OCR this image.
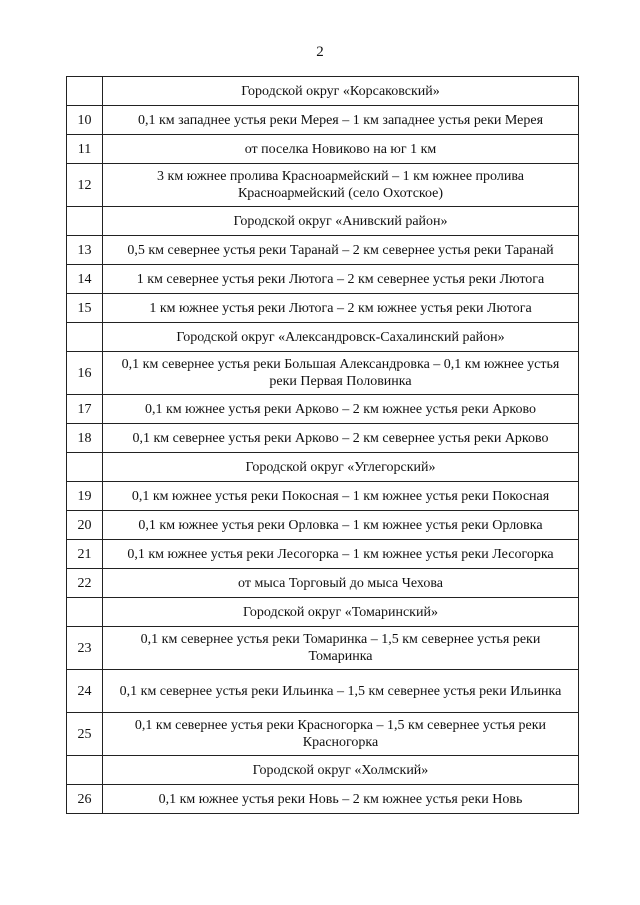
2
	Городской округ «Корсаковский»
10	0,1 км западнее устья реки Мерея – 1 км западнее устья реки Мерея
11	от поселка Новиково на юг 1 км
12	3 км южнее пролива Красноармейский – 1 км южнее пролива Красноармейский (село Охотское)
	Городской округ «Анивский район»
13	0,5 км севернее устья реки Таранай – 2 км севернее устья реки Таранай
14	1 км севернее устья реки Лютога – 2 км севернее устья реки Лютога
15	1 км южнее устья реки Лютога – 2 км южнее устья реки Лютога
	Городской округ «Александровск-Сахалинский район»
16	0,1 км севернее устья реки Большая Александровка – 0,1 км южнее устья реки Первая Половинка
17	0,1 км южнее устья реки Арково – 2 км южнее устья реки Арково
18	0,1 км севернее устья реки Арково – 2 км севернее устья реки Арково
	Городской округ «Углегорский»
19	0,1 км южнее устья реки Покосная – 1 км южнее устья реки Покосная
20	0,1 км южнее устья реки Орловка – 1 км южнее устья реки Орловка
21	0,1 км южнее устья реки Лесогорка – 1 км южнее устья реки Лесогорка
22	от мыса Торговый до мыса Чехова
	Городской округ «Томаринский»
23	0,1 км севернее устья реки Томаринка – 1,5 км севернее устья реки Томаринка
24	0,1 км севернее устья реки Ильинка – 1,5 км севернее устья реки Ильинка
25	0,1 км севернее устья реки Красногорка – 1,5 км севернее устья реки Красногорка
	Городской округ «Холмский»
26	0,1 км южнее устья реки Новь – 2 км южнее устья реки Новь
